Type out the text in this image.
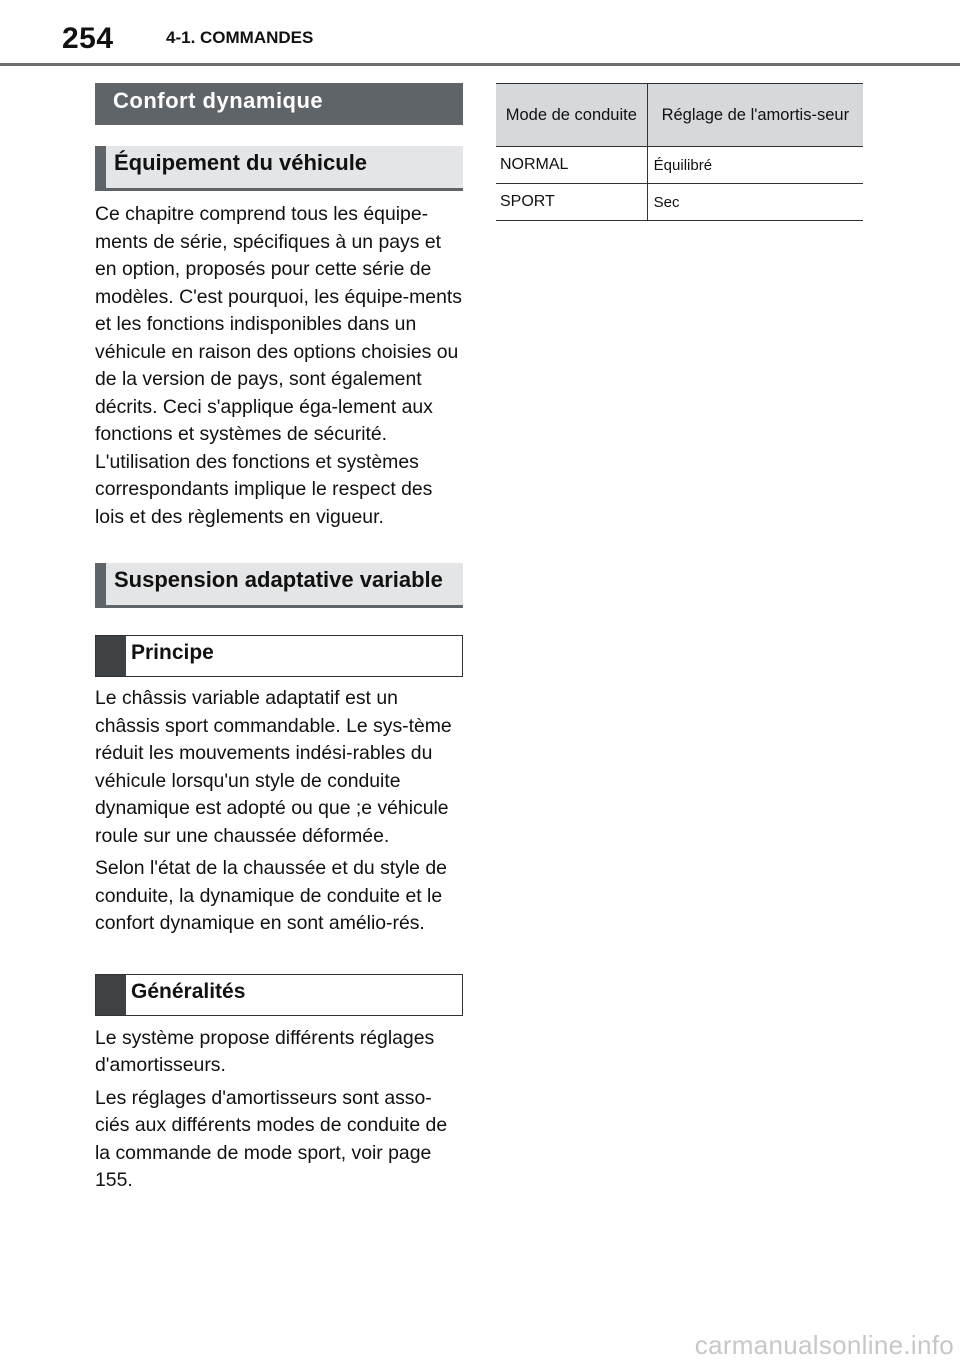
254	4-1. COMMANDES
Confort dynamique
Équipement du véhicule

Ce chapitre comprend tous les équipe-ments de série, spécifiques à un pays et en option, proposés pour cette série de modèles. C'est pourquoi, les équipe-ments et les fonctions indisponibles dans un véhicule en raison des options choisies ou de la version de pays, sont également décrits. Ceci s'applique éga-lement aux fonctions et systèmes de sécurité. L'utilisation des fonctions et systèmes correspondants implique le respect des lois et des règlements en vigueur.

Suspension adaptative variable
Principe

Le châssis variable adaptatif est un châssis sport commandable. Le sys-tème réduit les mouvements indési-rables du véhicule lorsqu'un style de conduite dynamique est adopté ou que ;e véhicule roule sur une chaussée déformée.

Selon l'état de la chaussée et du style de conduite, la dynamique de conduite et le confort dynamique en sont amélio-rés.

Généralités

Le système propose différents réglages d'amortisseurs.

Les réglages d'amortisseurs sont asso-ciés aux différents modes de conduite de la commande de mode sport, voir page 155.

Mode de conduite	Réglage de l'amortis-seur
NORMAL	Équilibré
SPORT	Sec
carmanualsonline.info
